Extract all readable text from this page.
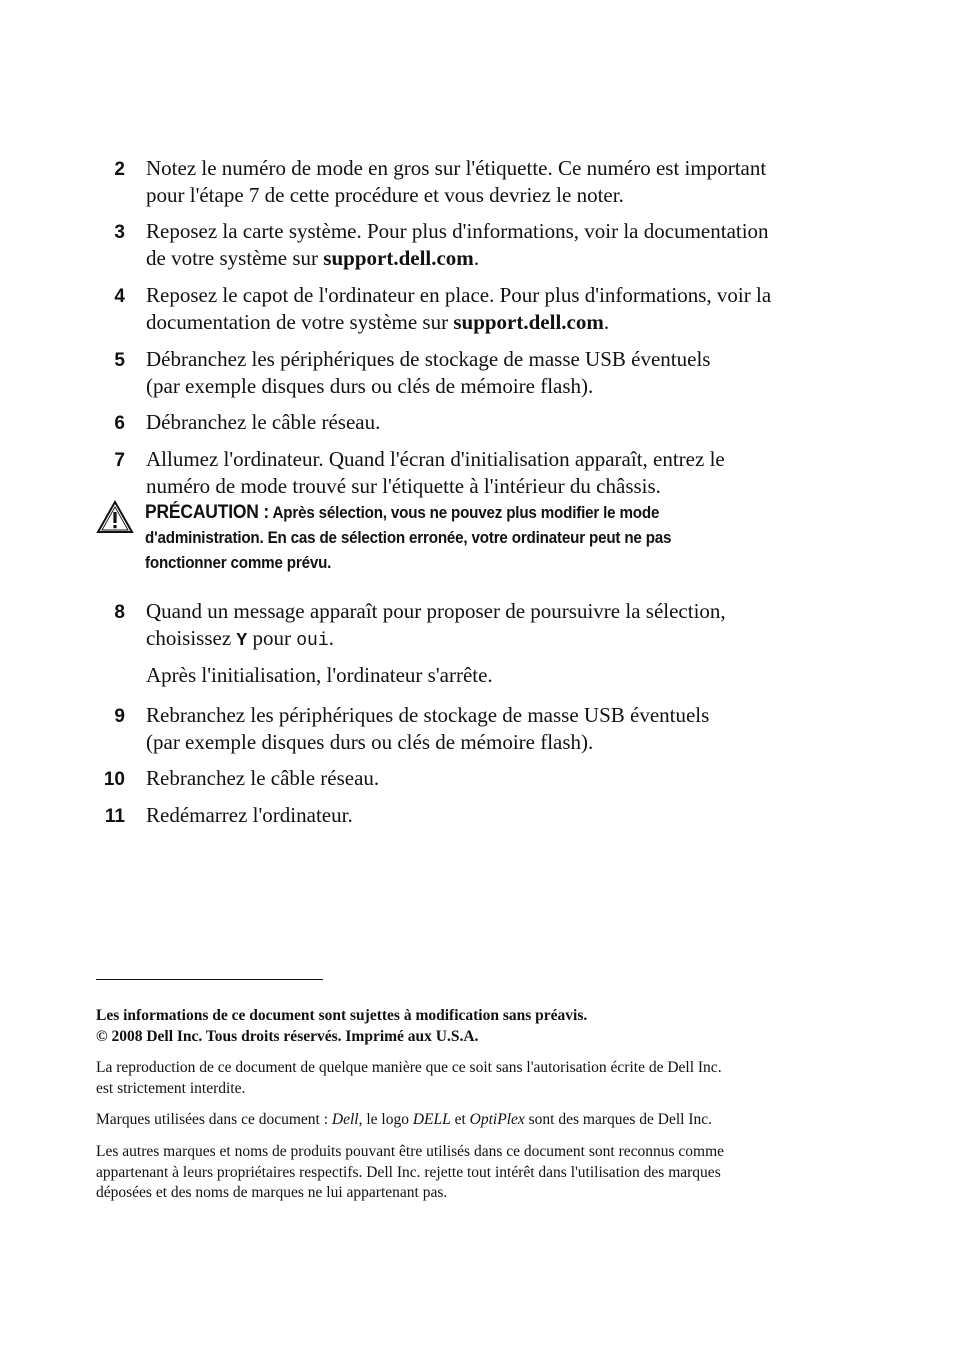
2 Notez le numéro de mode en gros sur l'étiquette. Ce numéro est important
pour l'étape 7 de cette procédure et vous devriez le noter.
3 Reposez la carte système. Pour plus d'informations, voir la documentation
de votre système sur support.dell.com.
4 Reposez le capot de l'ordinateur en place. Pour plus d'informations, voir la
documentation de votre système sur support.dell.com.
5 Débranchez les périphériques de stockage de masse USB éventuels
(par exemple disques durs ou clés de mémoire flash).
6 Débranchez le câble réseau.
7 Allumez l'ordinateur. Quand l'écran d'initialisation apparaît, entrez le
numéro de mode trouvé sur l'étiquette à l'intérieur du châssis.
PRÉCAUTION : Après sélection, vous ne pouvez plus modifier le mode
d'administration. En cas de sélection erronée, votre ordinateur peut ne pas
fonctionner comme prévu.
8 Quand un message apparaît pour proposer de poursuivre la sélection,
choisissez Y pour oui.
Après l'initialisation, l'ordinateur s'arrête.
9 Rebranchez les périphériques de stockage de masse USB éventuels
(par exemple disques durs ou clés de mémoire flash).
10 Rebranchez le câble réseau.
11 Redémarrez l'ordinateur.
Les informations de ce document sont sujettes à modification sans préavis.
© 2008 Dell Inc. Tous droits réservés. Imprimé aux U.S.A.
La reproduction de ce document de quelque manière que ce soit sans l'autorisation écrite de Dell Inc.
est strictement interdite.
Marques utilisées dans ce document : Dell, le logo DELL et OptiPlex sont des marques de Dell Inc.
Les autres marques et noms de produits pouvant être utilisés dans ce document sont reconnus comme
appartenant à leurs propriétaires respectifs. Dell Inc. rejette tout intérêt dans l'utilisation des marques
déposées et des noms de marques ne lui appartenant pas.
